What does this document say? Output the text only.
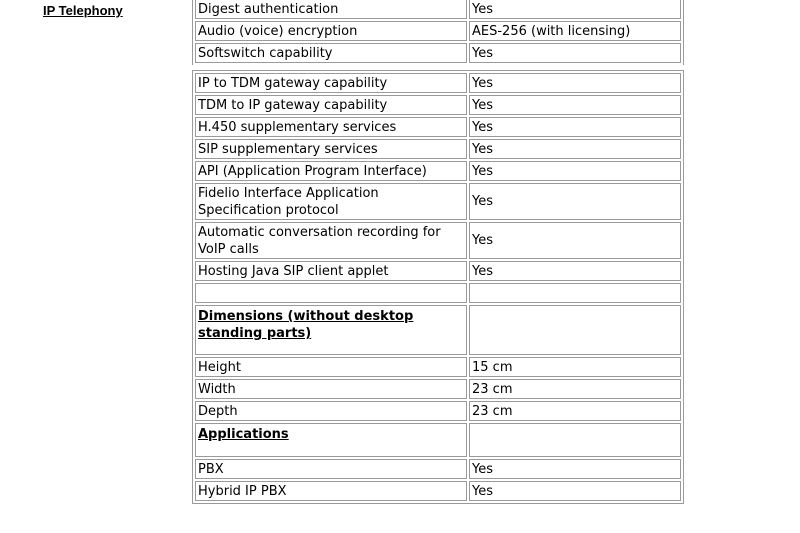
IP Telephony	Digest authentication	Yes
Audio (voice) encryption	AES-256 (with licensing)
Softswitch capability	Yes
IP to TDM gateway capability	Yes
TDM to IP gateway capability	Yes
H.450 supplementary services	Yes
SIP supplementary services	Yes
API (Application Program Interface)	Yes
Fidelio Interface Application Specification protocol	Yes
Automatic conversation recording for VoIP calls	Yes
Hosting Java SIP client applet	Yes

Dimensions (without desktop standing parts)	
Height	15 cm
Width	23 cm
Depth	23 cm
Applications	
PBX	Yes
Hybrid IP PBX	Yes
